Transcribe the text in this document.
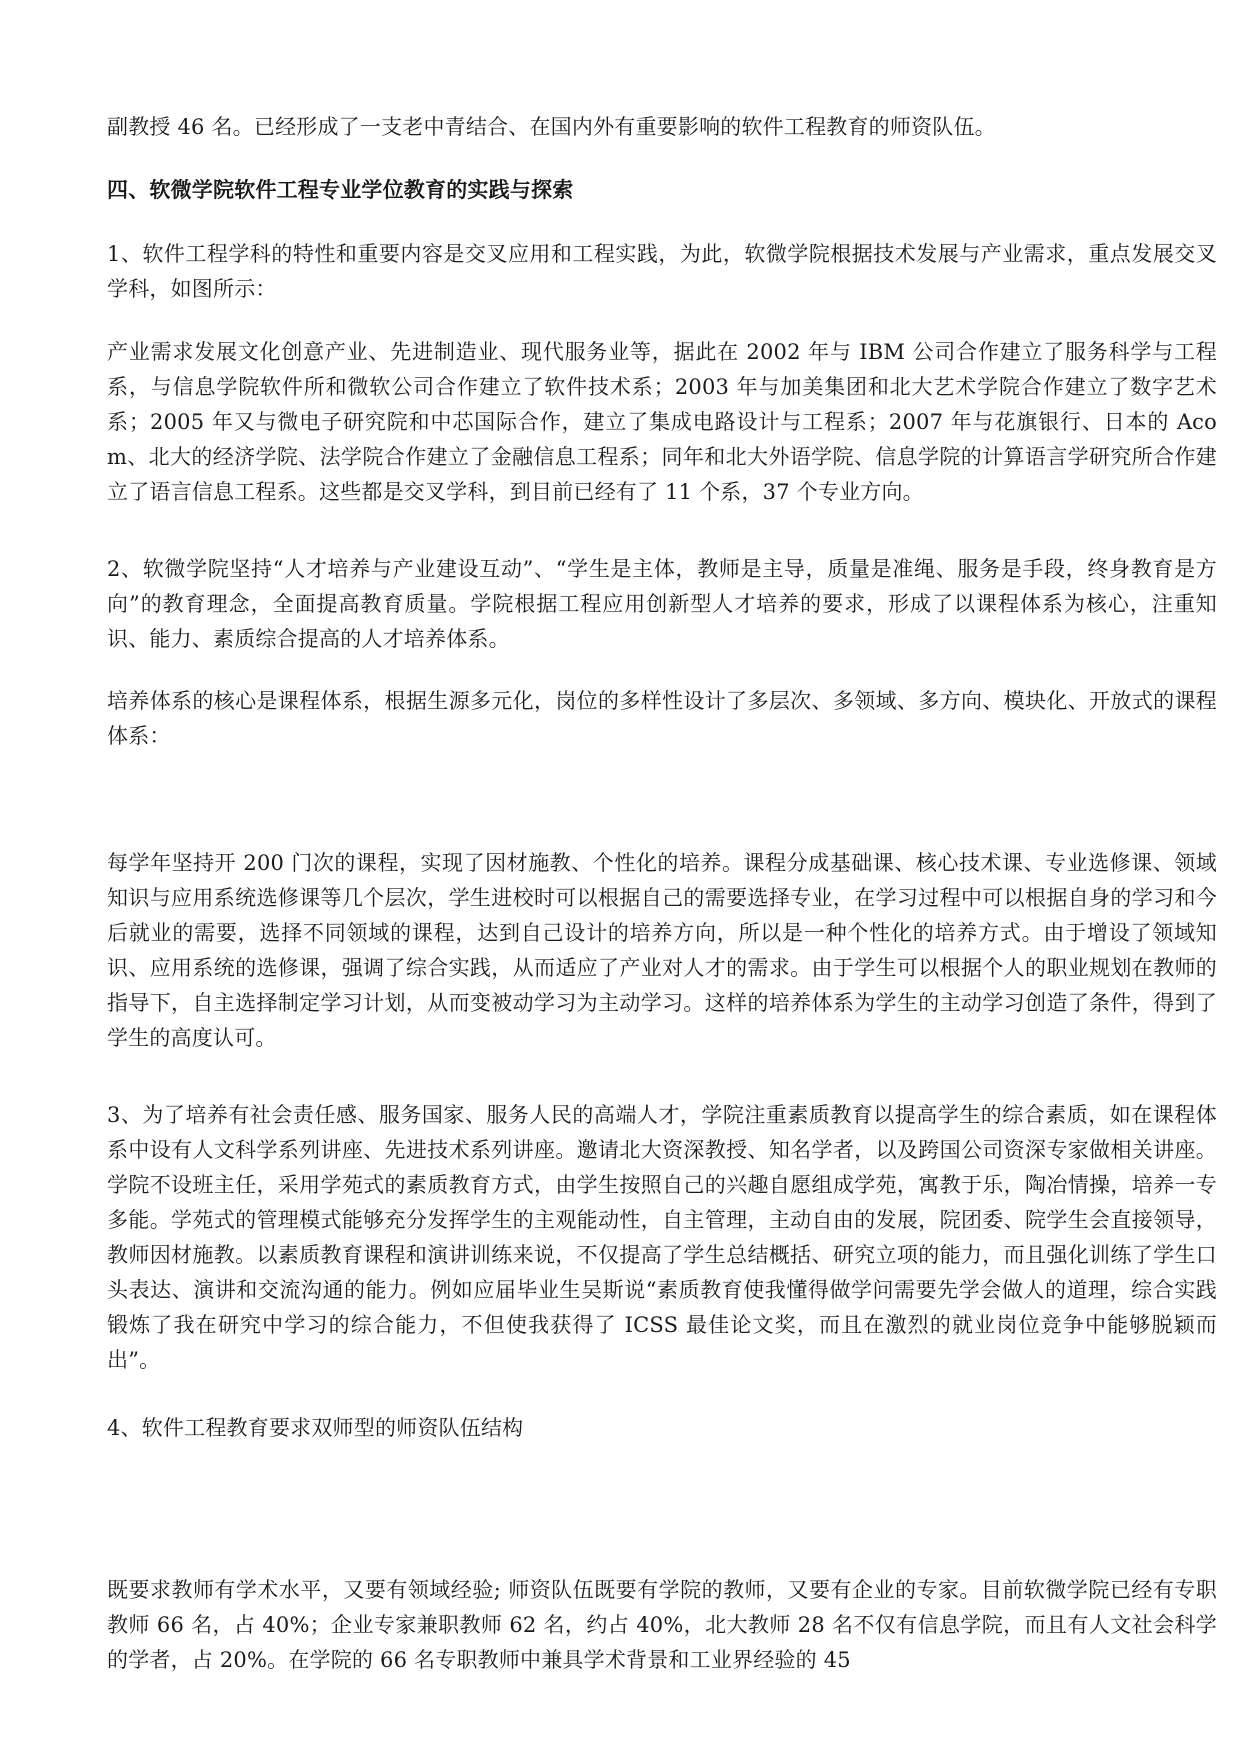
副教授 46 名。已经形成了一支老中青结合、在国内外有重要影响的软件工程教育的师资队伍。

四、软微学院软件工程专业学位教育的实践与探索

1、软件工程学科的特性和重要内容是交叉应用和工程实践，为此，软微学院根据技术发展与产业需求，重点发展交叉学科，如图所示：

产业需求发展文化创意产业、先进制造业、现代服务业等，据此在 2002 年与 IBM 公司合作建立了服务科学与工程系，与信息学院软件所和微软公司合作建立了软件技术系；2003 年与加美集团和北大艺术学院合作建立了数字艺术系；2005 年又与微电子研究院和中芯国际合作，建立了集成电路设计与工程系；2007 年与花旗银行、日本的 Acom、北大的经济学院、法学院合作建立了金融信息工程系；同年和北大外语学院、信息学院的计算语言学研究所合作建立了语言信息工程系。这些都是交叉学科，到目前已经有了 11 个系，37 个专业方向。

2、软微学院坚持“人才培养与产业建设互动”、“学生是主体，教师是主导，质量是准绳、服务是手段，终身教育是方向”的教育理念，全面提高教育质量。学院根据工程应用创新型人才培养的要求，形成了以课程体系为核心，注重知识、能力、素质综合提高的人才培养体系。

培养体系的核心是课程体系，根据生源多元化，岗位的多样性设计了多层次、多领域、多方向、模块化、开放式的课程体系：

每学年坚持开 200 门次的课程，实现了因材施教、个性化的培养。课程分成基础课、核心技术课、专业选修课、领域知识与应用系统选修课等几个层次，学生进校时可以根据自己的需要选择专业，在学习过程中可以根据自身的学习和今后就业的需要，选择不同领域的课程，达到自己设计的培养方向，所以是一种个性化的培养方式。由于增设了领域知识、应用系统的选修课，强调了综合实践，从而适应了产业对人才的需求。由于学生可以根据个人的职业规划在教师的指导下，自主选择制定学习计划，从而变被动学习为主动学习。这样的培养体系为学生的主动学习创造了条件，得到了学生的高度认可。

3、为了培养有社会责任感、服务国家、服务人民的高端人才，学院注重素质教育以提高学生的综合素质，如在课程体系中设有人文科学系列讲座、先进技术系列讲座。邀请北大资深教授、知名学者，以及跨国公司资深专家做相关讲座。学院不设班主任，采用学苑式的素质教育方式，由学生按照自己的兴趣自愿组成学苑，寓教于乐，陶冶情操，培养一专多能。学苑式的管理模式能够充分发挥学生的主观能动性，自主管理，主动自由的发展，院团委、院学生会直接领导，教师因材施教。以素质教育课程和演讲训练来说，不仅提高了学生总结概括、研究立项的能力，而且强化训练了学生口头表达、演讲和交流沟通的能力。例如应届毕业生吴斯说“素质教育使我懂得做学问需要先学会做人的道理，综合实践锻炼了我在研究中学习的综合能力，不但使我获得了 ICSS 最佳论文奖，而且在激烈的就业岗位竞争中能够脱颖而出”。

4、软件工程教育要求双师型的师资队伍结构

既要求教师有学术水平，又要有领域经验; 师资队伍既要有学院的教师，又要有企业的专家。目前软微学院已经有专职教师 66 名，占 40%；企业专家兼职教师 62 名，约占 40%，北大教师 28 名不仅有信息学院，而且有人文社会科学的学者，占 20%。在学院的 66 名专职教师中兼具学术背景和工业界经验的 45
